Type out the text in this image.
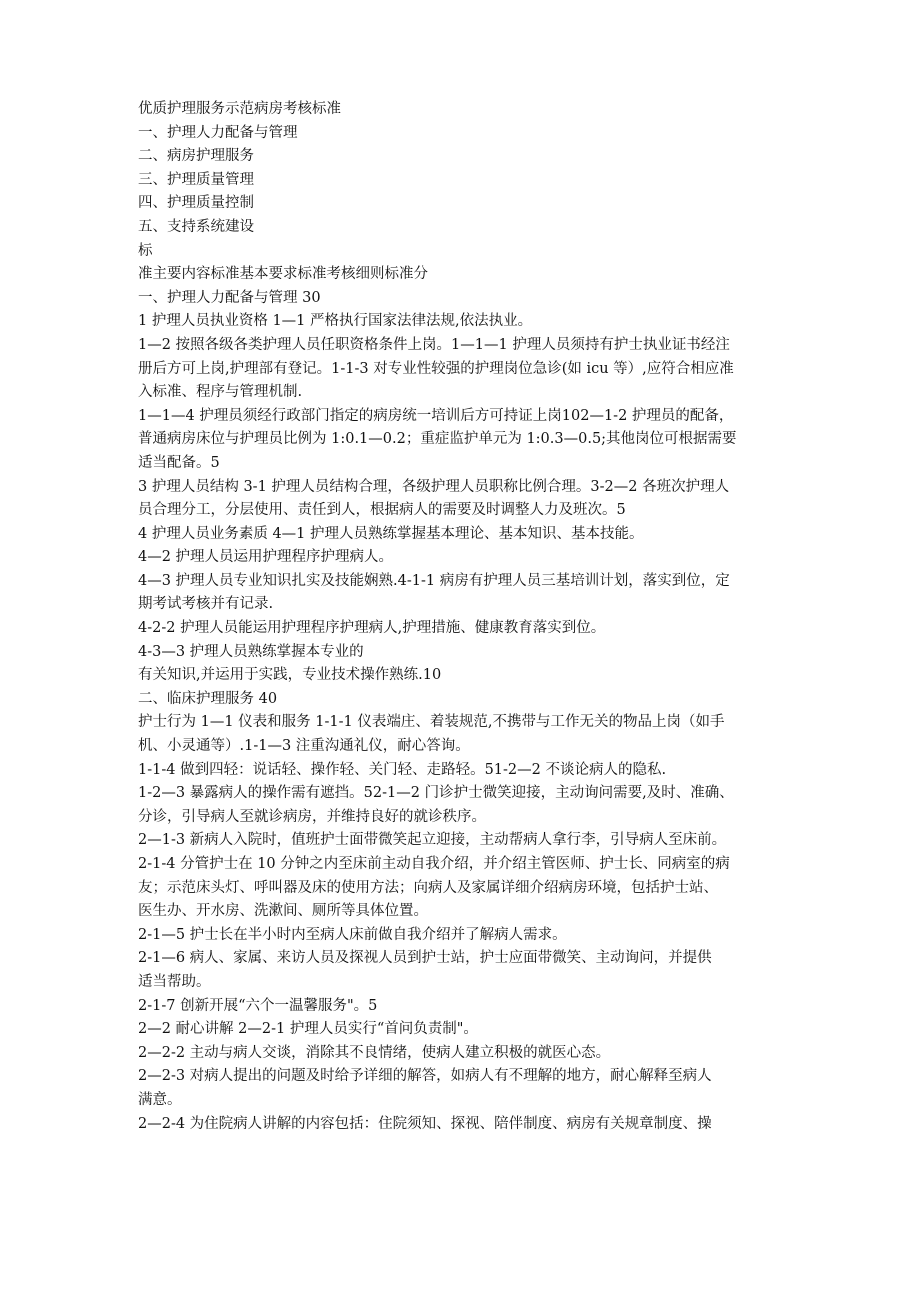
优质护理服务示范病房考核标准
一、护理人力配备与管理
二、病房护理服务
三、护理质量管理
四、护理质量控制
五、支持系统建设
标
准主要内容标准基本要求标准考核细则标准分
一、护理人力配备与管理 30
1 护理人员执业资格 1—1 严格执行国家法律法规,依法执业。
1—2 按照各级各类护理人员任职资格条件上岗。1—1—1 护理人员须持有护士执业证书经注
册后方可上岗,护理部有登记。1-1-3 对专业性较强的护理岗位急诊(如 icu 等）,应符合相应准
入标准、程序与管理机制.
1—1—4 护理员须经行政部门指定的病房统一培训后方可持证上岗102—1-2 护理员的配备，
普通病房床位与护理员比例为 1:0.1—0.2；重症监护单元为 1:0.3—0.5;其他岗位可根据需要
适当配备。5
3 护理人员结构 3-1 护理人员结构合理，各级护理人员职称比例合理。3-2—2 各班次护理人
员合理分工，分层使用、责任到人，根据病人的需要及时调整人力及班次。5
4 护理人员业务素质 4—1 护理人员熟练掌握基本理论、基本知识、基本技能。
4—2 护理人员运用护理程序护理病人。
4—3 护理人员专业知识扎实及技能娴熟.4-1-1 病房有护理人员三基培训计划，落实到位，定
期考试考核并有记录.
4-2-2 护理人员能运用护理程序护理病人,护理措施、健康教育落实到位。
4-3—3 护理人员熟练掌握本专业的
有关知识,并运用于实践，专业技术操作熟练.10
二、临床护理服务 40
护士行为 1—1 仪表和服务 1-1-1 仪表端庄、着装规范,不携带与工作无关的物品上岗（如手
机、小灵通等）.1-1—3 注重沟通礼仪，耐心答询。
1-1-4 做到四轻：说话轻、操作轻、关门轻、走路轻。51-2—2 不谈论病人的隐私.
1-2—3 暴露病人的操作需有遮挡。52-1—2 门诊护士微笑迎接，主动询问需要,及时、准确、
分诊，引导病人至就诊病房，并维持良好的就诊秩序。
2—1-3 新病人入院时，值班护士面带微笑起立迎接，主动帮病人拿行李，引导病人至床前。
2-1-4 分管护士在 10 分钟之内至床前主动自我介绍，并介绍主管医师、护士长、同病室的病
友；示范床头灯、呼叫器及床的使用方法；向病人及家属详细介绍病房环境，包括护士站、
医生办、开水房、洗漱间、厕所等具体位置。
2-1—5 护士长在半小时内至病人床前做自我介绍并了解病人需求。
2-1—6 病人、家属、来访人员及探视人员到护士站，护士应面带微笑、主动询问，并提供
适当帮助。
2-1-7 创新开展“六个一温馨服务"。5
2—2 耐心讲解 2—2-1 护理人员实行“首问负责制"。
2—2-2 主动与病人交谈，消除其不良情绪，使病人建立积极的就医心态。
2—2-3 对病人提出的问题及时给予详细的解答，如病人有不理解的地方，耐心解释至病人
满意。
2—2-4 为住院病人讲解的内容包括：住院须知、探视、陪伴制度、病房有关规章制度、操
